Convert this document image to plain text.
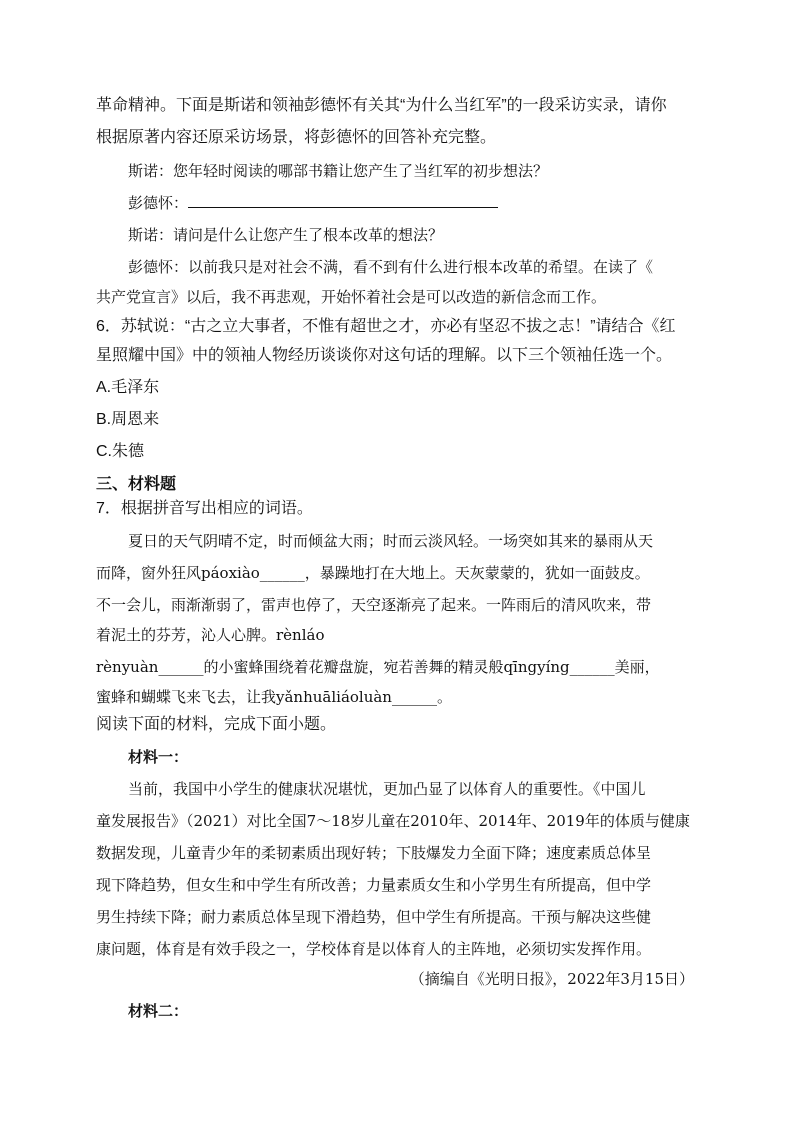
革命精神。下面是斯诺和领袖彭德怀有关其“为什么当红军”的一段采访实录，请你
根据原著内容还原采访场景，将彭德怀的回答补充完整。
斯诺：您年轻时阅读的哪部书籍让您产生了当红军的初步想法？
彭德怀：
斯诺：请问是什么让您产生了根本改革的想法？
彭德怀：以前我只是对社会不满，看不到有什么进行根本改革的希望。在读了《
共产党宣言》以后，我不再悲观，开始怀着社会是可以改造的新信念而工作。
6．苏轼说：“古之立大事者，不惟有超世之才，亦必有坚忍不拔之志！”请结合《红
星照耀中国》中的领袖人物经历谈谈你对这句话的理解。以下三个领袖任选一个。
A.毛泽东
B.周恩来
C.朱德
三、材料题
7．根据拼音写出相应的词语。
夏日的天气阴晴不定，时而倾盆大雨；时而云淡风轻。一场突如其来的暴雨从天
而降，窗外狂风páoxiào______，暴躁地打在大地上。天灰蒙蒙的，犹如一面鼓皮。
不一会儿，雨渐渐弱了，雷声也停了，天空逐渐亮了起来。一阵雨后的清风吹来，带
着泥土的芬芳，沁人心脾。rènláo
rènyuàn______的小蜜蜂围绕着花瓣盘旋，宛若善舞的精灵般qīngyíng______美丽，
蜜蜂和蝴蝶飞来飞去，让我yǎnhuāliáoluàn______。
阅读下面的材料，完成下面小题。
材料一：
当前，我国中小学生的健康状况堪忧，更加凸显了以体育人的重要性。《中国儿
童发展报告》（2021）对比全国7～18岁儿童在2010年、2014年、2019年的体质与健康
数据发现，儿童青少年的柔韧素质出现好转；下肢爆发力全面下降；速度素质总体呈
现下降趋势，但女生和中学生有所改善；力量素质女生和小学男生有所提高，但中学
男生持续下降；耐力素质总体呈现下滑趋势，但中学生有所提高。干预与解决这些健
康问题，体育是有效手段之一，学校体育是以体育人的主阵地，必须切实发挥作用。
（摘编自《光明日报》，2022年3月15日）
材料二：
